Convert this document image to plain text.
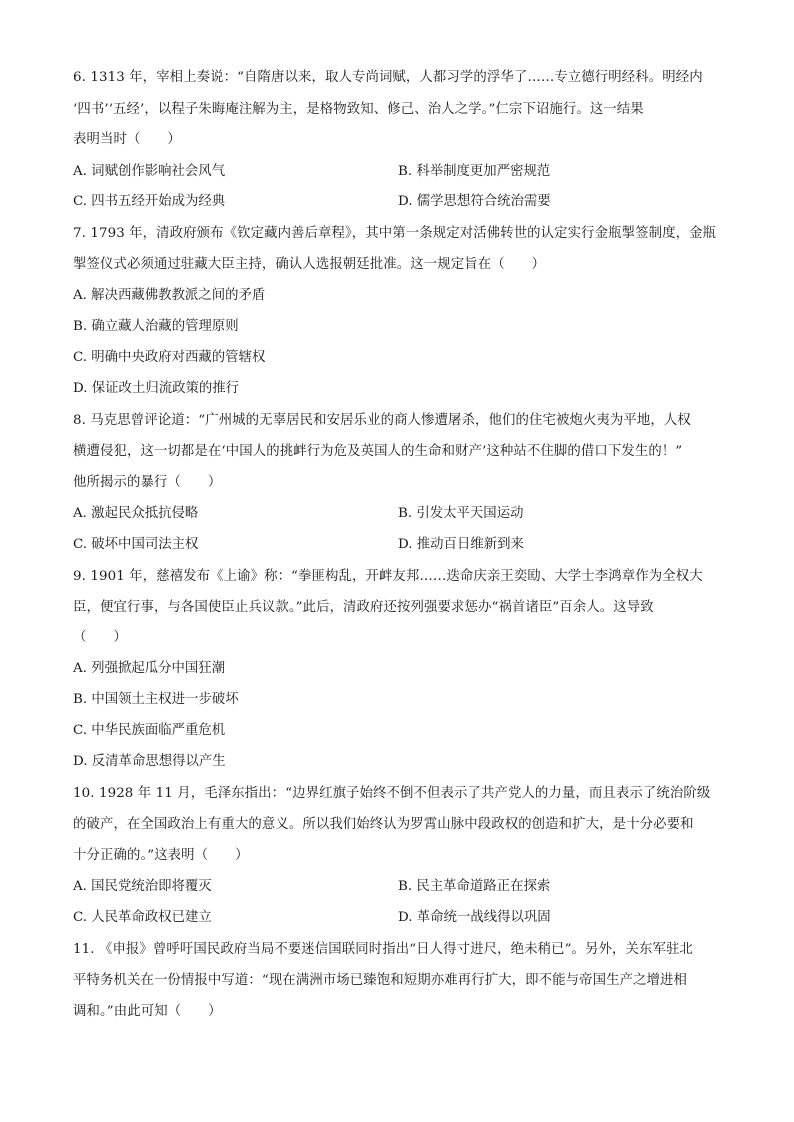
6. 1313 年，宰相上奏说：“自隋唐以来，取人专尚词赋，人都习学的浮华了……专立德行明经科。明经内
‘四书’‘五经’，以程子朱晦庵注解为主，是格物致知、修己、治人之学。”仁宗下诏施行。这一结果
表明当时（　　）
A. 词赋创作影响社会风气	B. 科举制度更加严密规范
C. 四书五经开始成为经典	D. 儒学思想符合统治需要
7. 1793 年，清政府颁布《钦定藏内善后章程》，其中第一条规定对活佛转世的认定实行金瓶掣签制度，金瓶
掣签仪式必须通过驻藏大臣主持，确认人选报朝廷批准。这一规定旨在（　　）
A. 解决西藏佛教教派之间的矛盾
B. 确立藏人治藏的管理原则
C. 明确中央政府对西藏的管辖权
D. 保证改土归流政策的推行
8. 马克思曾评论道：“广州城的无辜居民和安居乐业的商人惨遭屠杀，他们的住宅被炮火夷为平地，人权
横遭侵犯，这一切都是在‘中国人的挑衅行为危及英国人的生命和财产’这种站不住脚的借口下发生的！”
他所揭示的暴行（　　）
A. 激起民众抵抗侵略	B. 引发太平天国运动
C. 破坏中国司法主权	D. 推动百日维新到来
9. 1901 年，慈禧发布《上谕》称：“拳匪构乱，开衅友邦……迭命庆亲王奕劻、大学士李鸿章作为全权大
臣，便宜行事，与各国使臣止兵议款。”此后，清政府还按列强要求惩办“祸首诸臣”百余人。这导致
（　　）
A. 列强掀起瓜分中国狂潮
B. 中国领土主权进一步破坏
C. 中华民族面临严重危机
D. 反清革命思想得以产生
10. 1928 年 11 月，毛泽东指出：“边界红旗子始终不倒不但表示了共产党人的力量，而且表示了统治阶级
的破产，在全国政治上有重大的意义。所以我们始终认为罗霄山脉中段政权的创造和扩大，是十分必要和
十分正确的。”这表明（　　）
A. 国民党统治即将覆灭	B. 民主革命道路正在探索
C. 人民革命政权已建立	D. 革命统一战线得以巩固
11. 《申报》曾呼吁国民政府当局不要迷信国联同时指出“日人得寸进尺，绝未稍已”。另外，关东军驻北
平特务机关在一份情报中写道：“现在满洲市场已臻饱和短期亦难再行扩大，即不能与帝国生产之增进相
调和。”由此可知（　　）
